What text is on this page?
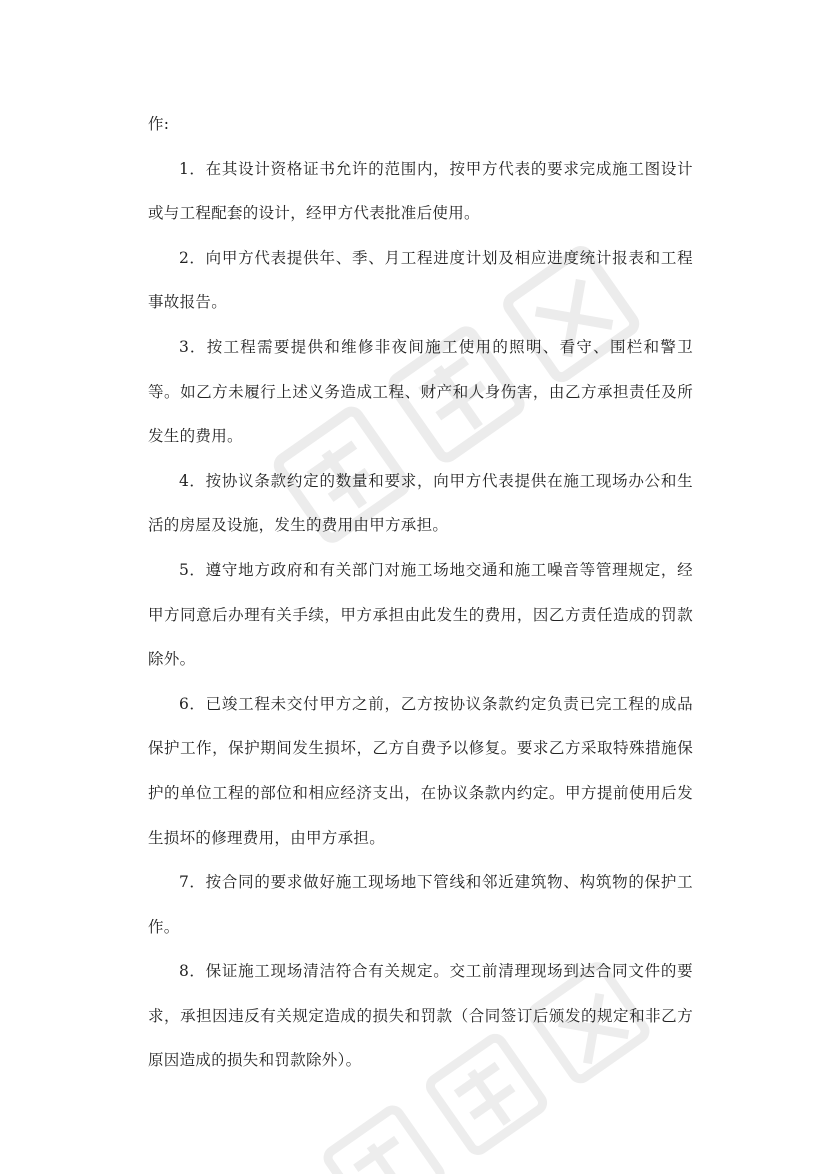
作:

1．在其设计资格证书允许的范围内，按甲方代表的要求完成施工图设计或与工程配套的设计，经甲方代表批准后使用。

2．向甲方代表提供年、季、月工程进度计划及相应进度统计报表和工程事故报告。

3．按工程需要提供和维修非夜间施工使用的照明、看守、围栏和警卫等。如乙方未履行上述义务造成工程、财产和人身伤害，由乙方承担责任及所发生的费用。

4．按协议条款约定的数量和要求，向甲方代表提供在施工现场办公和生活的房屋及设施，发生的费用由甲方承担。

5．遵守地方政府和有关部门对施工场地交通和施工噪音等管理规定，经甲方同意后办理有关手续，甲方承担由此发生的费用，因乙方责任造成的罚款除外。

6．已竣工程未交付甲方之前，乙方按协议条款约定负责已完工程的成品保护工作，保护期间发生损坏，乙方自费予以修复。要求乙方采取特殊措施保护的单位工程的部位和相应经济支出，在协议条款内约定。甲方提前使用后发生损坏的修理费用，由甲方承担。

7．按合同的要求做好施工现场地下管线和邻近建筑物、构筑物的保护工作。

8．保证施工现场清洁符合有关规定。交工前清理现场到达合同文件的要求，承担因违反有关规定造成的损失和罚款（合同签订后颁发的规定和非乙方原因造成的损失和罚款除外）。
